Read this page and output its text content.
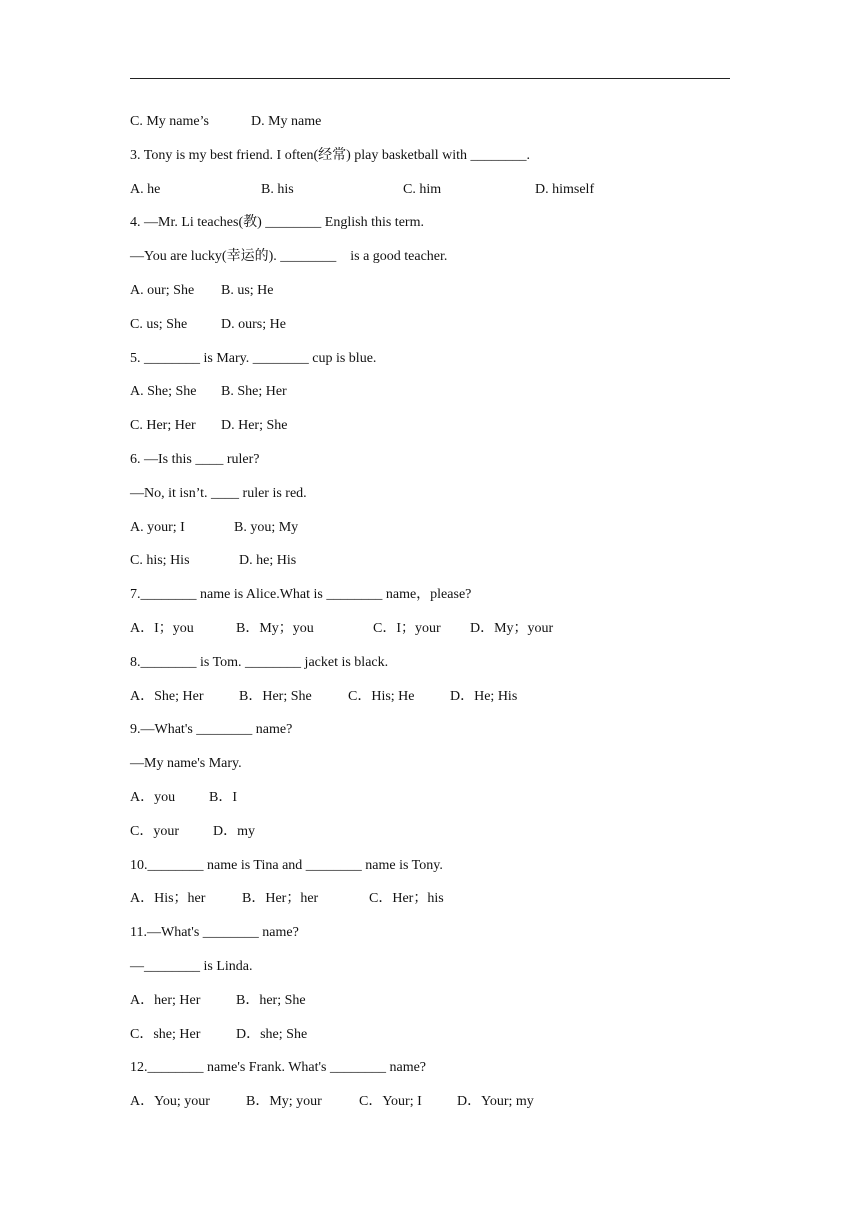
C. My name’s	D. My name
3. Tony is my best friend. I often(经常) play basketball with ________.
A. he	B. his	C. him	D. himself
4. —Mr. Li teaches(教) ________ English this term.
—You are lucky(幸运的). ________    is a good teacher.
A. our; She B. us; He
C. us; She D. ours; He
5. ________ is Mary. ________ cup is blue.
A. She; She B. She; Her
C. Her; Her D. Her; She
6. —Is this ____ ruler?
—No, it isn’t. ____ ruler is red.
A. your; I	B. you; My
C. his; His	D. he; His
7.________ name is Alice.What is ________ name，please?
A．I；you	B．My；you	C．I；your D．My；your
8.________ is Tom. ________ jacket is black.
A．She; Her	B．Her; She	C．His; He	D．He; His
9.—What's ________ name?
—My name's Mary.
A．you B．I
C．your D．my
10.________ name is Tina and ________ name is Tony.
A．His；her	B．Her；her	C．Her；his
11.—What's ________ name?
—________ is Linda.
A．her; Her	B．her; She
C．she; Her	D．she; She
12.________ name's Frank. What's ________ name?
A．You; your	B．My; your	C．Your; I	D．Your; my
